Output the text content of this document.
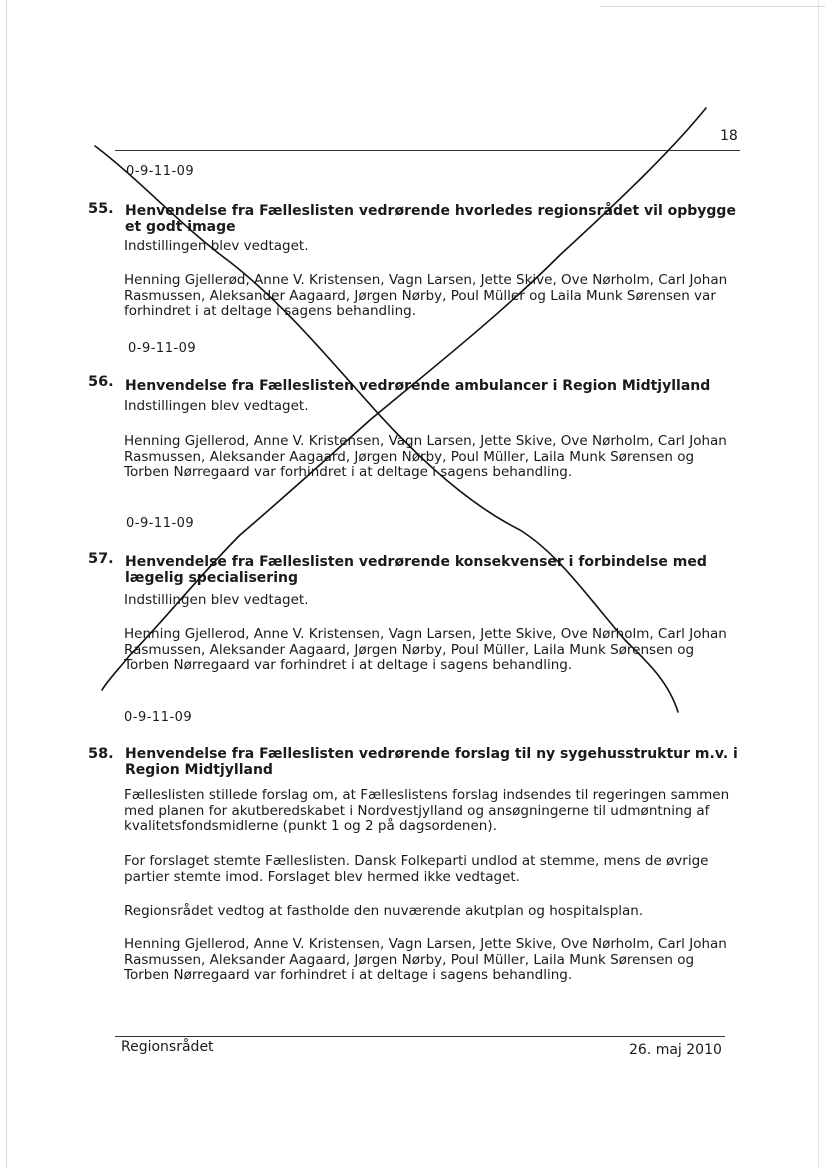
18
0-9-11-09
55. Henvendelse fra Fælleslisten vedrørende hvorledes regionsrådet vil opbygge et godt image

Indstillingen blev vedtaget.

Henning Gjellerød, Anne V. Kristensen, Vagn Larsen, Jette Skive, Ove Nørholm, Carl Johan Rasmussen, Aleksander Aagaard, Jørgen Nørby, Poul Müller og Laila Munk Sørensen var forhindret i at deltage i sagens behandling.

0-9-11-09
56. Henvendelse fra Fælleslisten vedrørende ambulancer i Region Midtjylland

Indstillingen blev vedtaget.

Henning Gjellerod, Anne V. Kristensen, Vagn Larsen, Jette Skive, Ove Nørholm, Carl Johan Rasmussen, Aleksander Aagaard, Jørgen Nørby, Poul Müller, Laila Munk Sørensen og Torben Nørregaard var forhindret i at deltage i sagens behandling.

0-9-11-09
57. Henvendelse fra Fælleslisten vedrørende konsekvenser i forbindelse med lægelig specialisering

Indstillingen blev vedtaget.

Henning Gjellerod, Anne V. Kristensen, Vagn Larsen, Jette Skive, Ove Nørholm, Carl Johan Rasmussen, Aleksander Aagaard, Jørgen Nørby, Poul Müller, Laila Munk Sørensen og Torben Nørregaard var forhindret i at deltage i sagens behandling.

0-9-11-09
58. Henvendelse fra Fælleslisten vedrørende forslag til ny sygehusstruktur m.v. i Region Midtjylland

Fælleslisten stillede forslag om, at Fælleslistens forslag indsendes til regeringen sammen med planen for akutberedskabet i Nordvestjylland og ansøgningerne til udmøntning af kvalitetsfondsmidlerne (punkt 1 og 2 på dagsordenen).

For forslaget stemte Fælleslisten. Dansk Folkeparti undlod at stemme, mens de øvrige partier stemte imod. Forslaget blev hermed ikke vedtaget.

Regionsrådet vedtog at fastholde den nuværende akutplan og hospitalsplan.

Henning Gjellerod, Anne V. Kristensen, Vagn Larsen, Jette Skive, Ove Nørholm, Carl Johan Rasmussen, Aleksander Aagaard, Jørgen Nørby, Poul Müller, Laila Munk Sørensen og Torben Nørregaard var forhindret i at deltage i sagens behandling.

Regionsrådet	26. maj 2010
